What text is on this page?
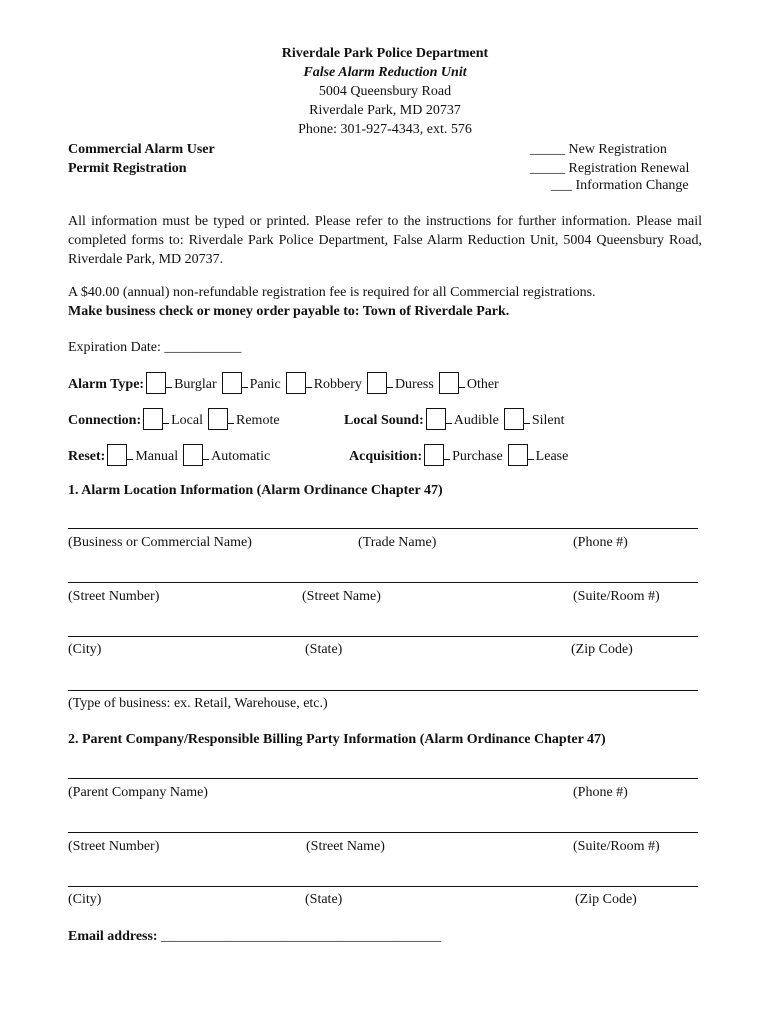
Riverdale Park Police Department
False Alarm Reduction Unit
5004 Queensbury Road
Riverdale Park, MD 20737
Phone: 301-927-4343, ext. 576
Commercial Alarm User
Permit Registration
_____ New Registration
_____ Registration Renewal
___ Information Change
All information must be typed or printed. Please refer to the instructions for further information. Please mail completed forms to: Riverdale Park Police Department, False Alarm Reduction Unit, 5004 Queensbury Road, Riverdale Park, MD 20737.
A $40.00 (annual) non-refundable registration fee is required for all Commercial registrations.
Make business check or money order payable to: Town of Riverdale Park.
Expiration Date: ___________
Alarm Type: Burglar Panic Robbery Duress Other
Connection: Local Remote	Local Sound: Audible Silent
Reset: Manual Automatic	Acquisition: Purchase Lease
1. Alarm Location Information (Alarm Ordinance Chapter 47)
(Business or Commercial Name)	(Trade Name)	(Phone #)
(Street Number)	(Street Name)	(Suite/Room #)
(City)	(State)	(Zip Code)
(Type of business: ex. Retail, Warehouse, etc.)
2. Parent Company/Responsible Billing Party Information (Alarm Ordinance Chapter 47)
(Parent Company Name)	(Phone #)
(Street Number)	(Street Name)	(Suite/Room #)
(City)	(State)	(Zip Code)
Email address: ________________________________________
